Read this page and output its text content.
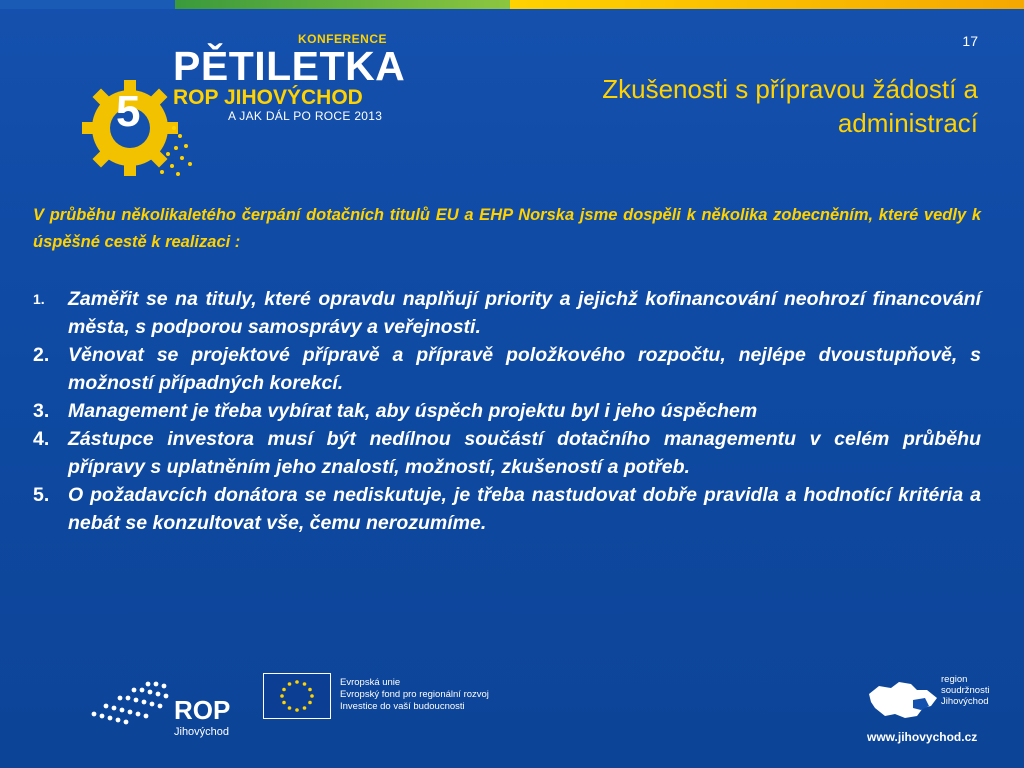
5
KONFERENCE
PĚTILETKA
ROP JIHOVÝCHOD
A JAK DÁL PO ROCE 2013
17
Zkušenosti s přípravou žádostí a administrací
V průběhu několikaletého čerpání dotačních titulů EU a EHP Norska jsme dospěli k několika zobecněním, které vedly k úspěšné cestě k realizaci :
1. Zaměřit se na tituly, které opravdu naplňují priority a jejichž kofinancování neohrozí financování města, s podporou samosprávy a veřejnosti.
2. Věnovat se projektové přípravě a přípravě položkového rozpočtu, nejlépe dvoustupňově, s možností případných korekcí.
3. Management je třeba vybírat tak, aby úspěch projektu byl i jeho úspěchem
4. Zástupce investora musí být nedílnou součástí dotačního managementu v celém průběhu přípravy s uplatněním jeho znalostí, možností, zkušeností a potřeb.
5. O požadavcích donátora se nediskutuje, je třeba nastudovat dobře pravidla a hodnotící kritéria a nebát se konzultovat vše, čemu nerozumíme.
ROP
Jihovýchod
Evropská unie
Evropský fond pro regionální rozvoj
Investice do vaší budoucnosti
region
soudržnosti
Jihovýchod
www.jihovychod.cz
